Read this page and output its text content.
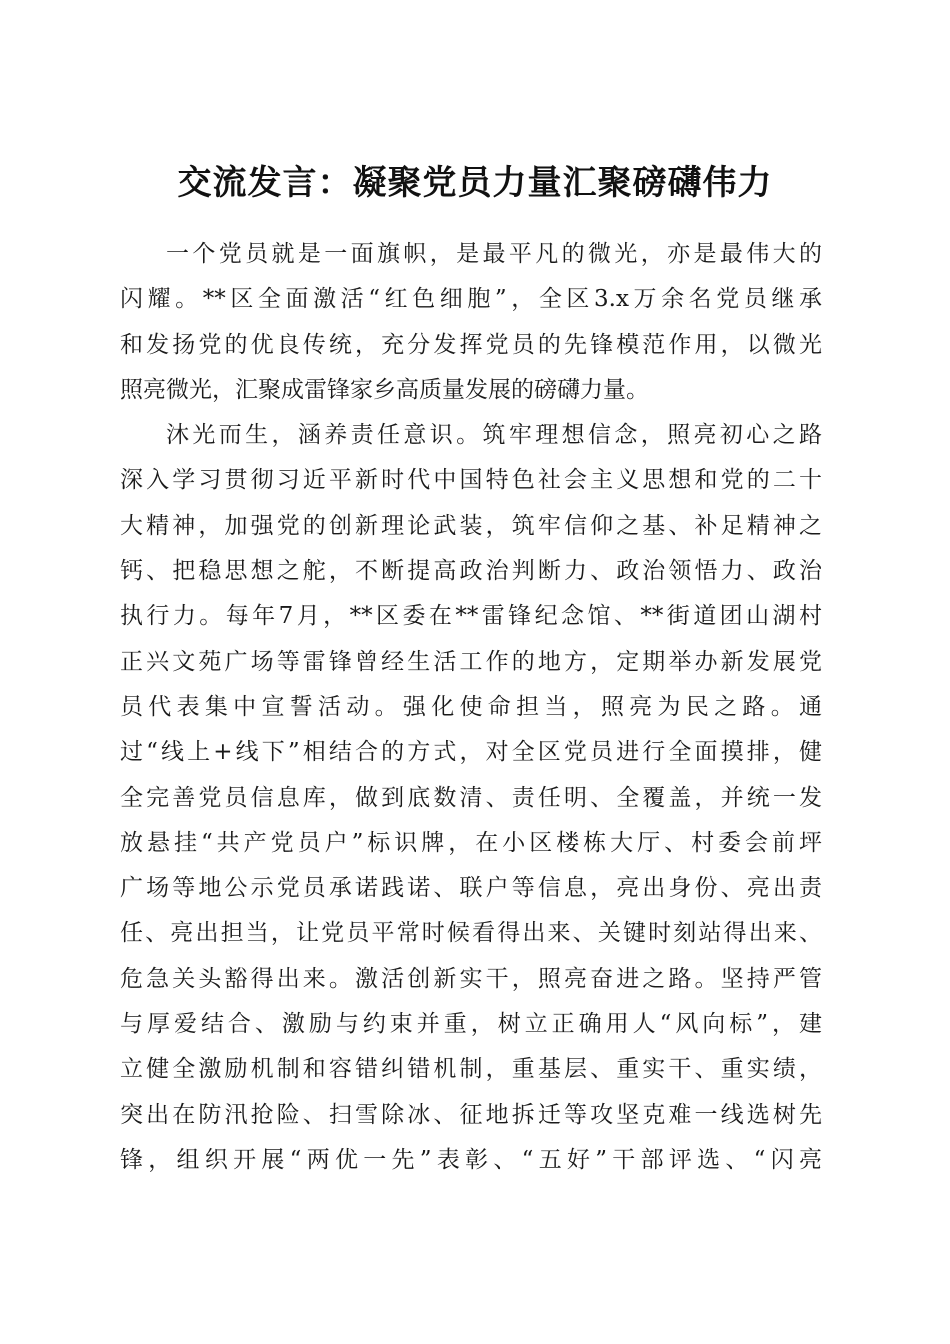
交流发言：凝聚党员力量汇聚磅礴伟力
一个党员就是一面旗帜，是最平凡的微光，亦是最伟大的
闪耀。**区全面激活“红色细胞”，全区3.x万余名党员继承
和发扬党的优良传统，充分发挥党员的先锋模范作用，以微光
照亮微光，汇聚成雷锋家乡高质量发展的磅礴力量。
沐光而生，涵养责任意识。筑牢理想信念，照亮初心之路
深入学习贯彻习近平新时代中国特色社会主义思想和党的二十
大精神，加强党的创新理论武装，筑牢信仰之基、补足精神之
钙、把稳思想之舵，不断提高政治判断力、政治领悟力、政治
执行力。每年7月，**区委在**雷锋纪念馆、**街道团山湖村
正兴文苑广场等雷锋曾经生活工作的地方，定期举办新发展党
员代表集中宣誓活动。强化使命担当，照亮为民之路。通
过“线上+线下”相结合的方式，对全区党员进行全面摸排，健
全完善党员信息库，做到底数清、责任明、全覆盖，并统一发
放悬挂“共产党员户”标识牌，在小区楼栋大厅、村委会前坪
广场等地公示党员承诺践诺、联户等信息，亮出身份、亮出责
任、亮出担当，让党员平常时候看得出来、关键时刻站得出来、
危急关头豁得出来。激活创新实干，照亮奋进之路。坚持严管
与厚爱结合、激励与约束并重，树立正确用人“风向标”，建
立健全激励机制和容错纠错机制，重基层、重实干、重实绩，
突出在防汛抢险、扫雪除冰、征地拆迁等攻坚克难一线选树先
锋，组织开展“两优一先”表彰、“五好”干部评选、“闪亮
